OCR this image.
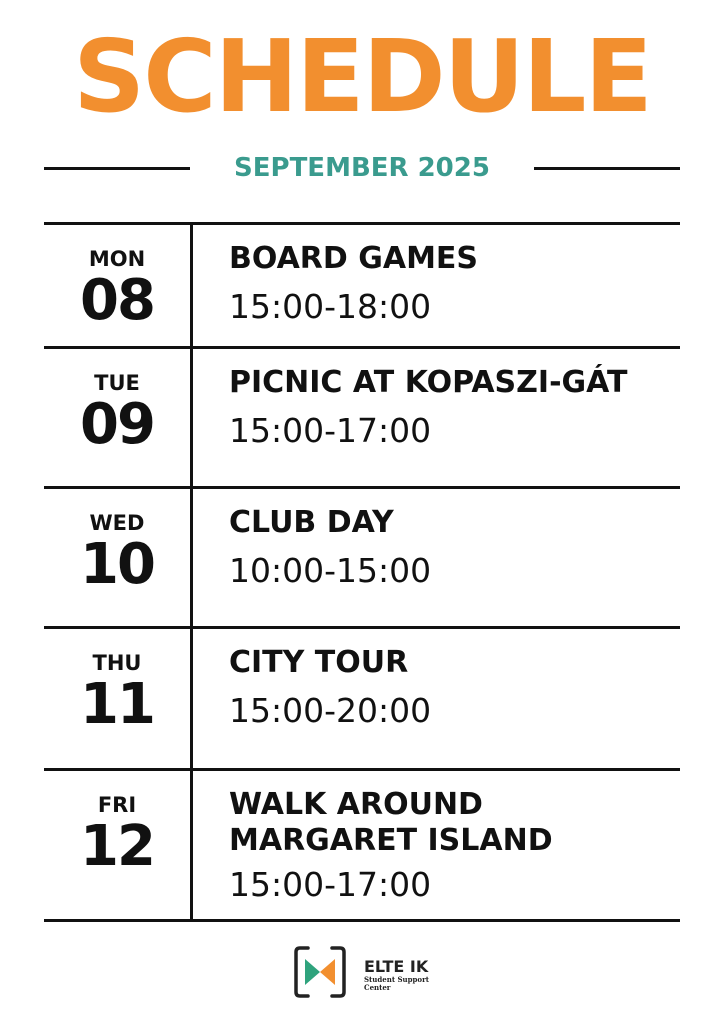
SCHEDULE
SEPTEMBER 2025
MON
08
BOARD GAMES
15:00-18:00
TUE
09
PICNIC AT KOPASZI-GÁT
15:00-17:00
WED
10
CLUB DAY
10:00-15:00
THU
11
CITY TOUR
15:00-20:00
FRI
12
WALK AROUND
MARGARET ISLAND
15:00-17:00
ELTE IK
Student Support
Center
